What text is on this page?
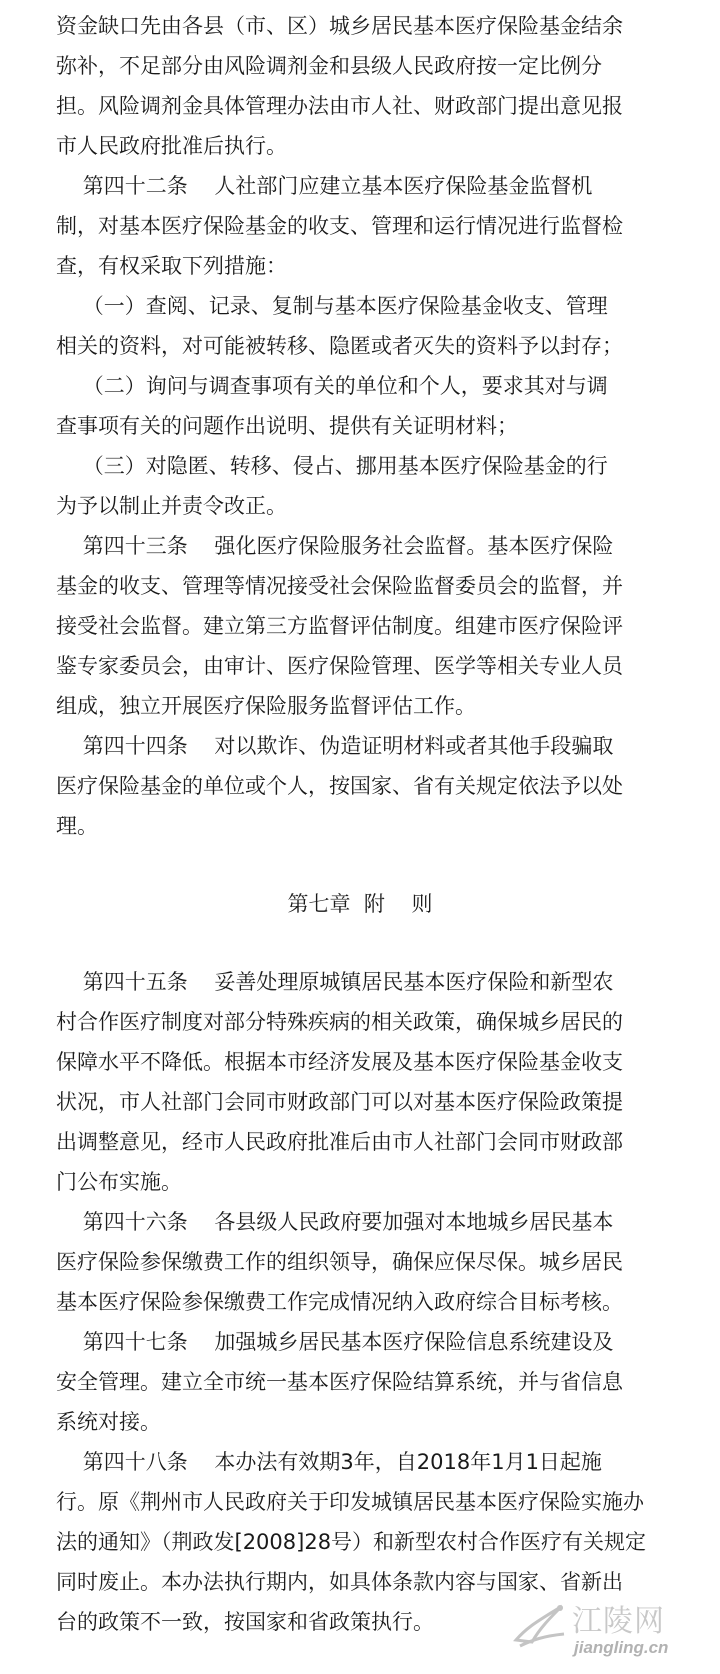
资金缺口先由各县（市、区）城乡居民基本医疗保险基金结余
弥补，不足部分由风险调剂金和县级人民政府按一定比例分
担。风险调剂金具体管理办法由市人社、财政部门提出意见报
市人民政府批准后执行。
第四十二条    人社部门应建立基本医疗保险基金监督机
制，对基本医疗保险基金的收支、管理和运行情况进行监督检
查，有权采取下列措施：
（一）查阅、记录、复制与基本医疗保险基金收支、管理
相关的资料，对可能被转移、隐匿或者灭失的资料予以封存；
（二）询问与调查事项有关的单位和个人，要求其对与调
查事项有关的问题作出说明、提供有关证明材料；
（三）对隐匿、转移、侵占、挪用基本医疗保险基金的行
为予以制止并责令改正。
第四十三条    强化医疗保险服务社会监督。基本医疗保险
基金的收支、管理等情况接受社会保险监督委员会的监督，并
接受社会监督。建立第三方监督评估制度。组建市医疗保险评
鉴专家委员会，由审计、医疗保险管理、医学等相关专业人员
组成，独立开展医疗保险服务监督评估工作。
第四十四条    对以欺诈、伪造证明材料或者其他手段骗取
医疗保险基金的单位或个人，按国家、省有关规定依法予以处
理。
第七章  附    则
第四十五条    妥善处理原城镇居民基本医疗保险和新型农
村合作医疗制度对部分特殊疾病的相关政策，确保城乡居民的
保障水平不降低。根据本市经济发展及基本医疗保险基金收支
状况，市人社部门会同市财政部门可以对基本医疗保险政策提
出调整意见，经市人民政府批准后由市人社部门会同市财政部
门公布实施。
第四十六条    各县级人民政府要加强对本地城乡居民基本
医疗保险参保缴费工作的组织领导，确保应保尽保。城乡居民
基本医疗保险参保缴费工作完成情况纳入政府综合目标考核。
第四十七条    加强城乡居民基本医疗保险信息系统建设及
安全管理。建立全市统一基本医疗保险结算系统，并与省信息
系统对接。
第四十八条    本办法有效期3年，自2018年1月1日起施
行。原《荆州市人民政府关于印发城镇居民基本医疗保险实施办
法的通知》（荆政发[2008]28号）和新型农村合作医疗有关规定
同时废止。本办法执行期内，如具体条款内容与国家、省新出
台的政策不一致，按国家和省政策执行。	江陵网
jiangling.cn
